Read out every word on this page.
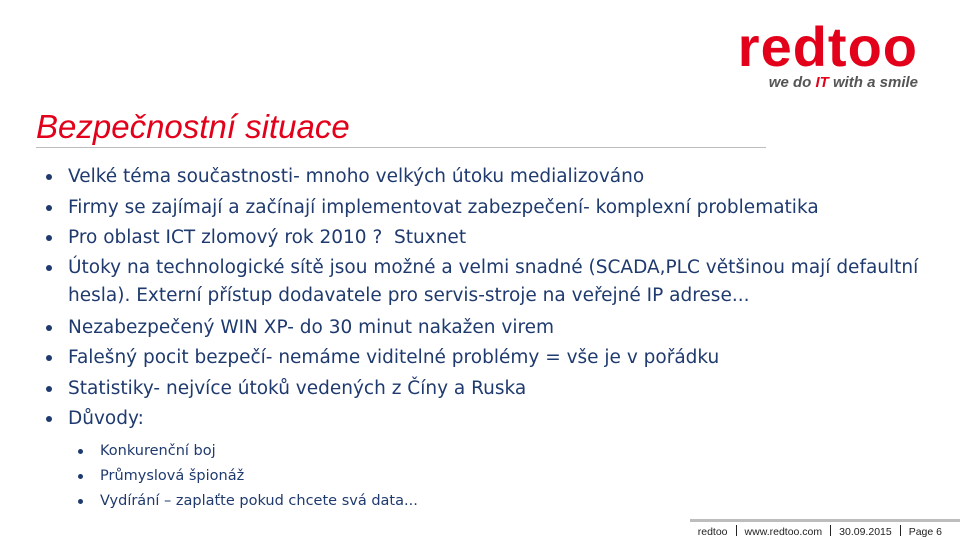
redtoo
we do IT with a smile
Bezpečnostní situace
Velké téma součastnosti- mnoho velkých útoku medializováno
Firmy se zajímají a začínají implementovat zabezpečení- komplexní problematika
Pro oblast ICT zlomový rok 2010 ?  Stuxnet
Útoky na technologické sítě jsou možné a velmi snadné (SCADA,PLC většinou mají defaultní hesla). Externí přístup dodavatele pro servis-stroje na veřejné IP adrese...
Nezabezpečený WIN XP- do 30 minut nakažen virem
Falešný pocit bezpečí- nemáme viditelné problémy = vše je v pořádku
Statistiky- nejvíce útoků vedených z Číny a Ruska
Důvody:
Konkurenční boj
Průmyslová špionáž
Vydírání – zaplaťte pokud chcete svá data...
redtoo www.redtoo.com 30.09.2015 Page 6
